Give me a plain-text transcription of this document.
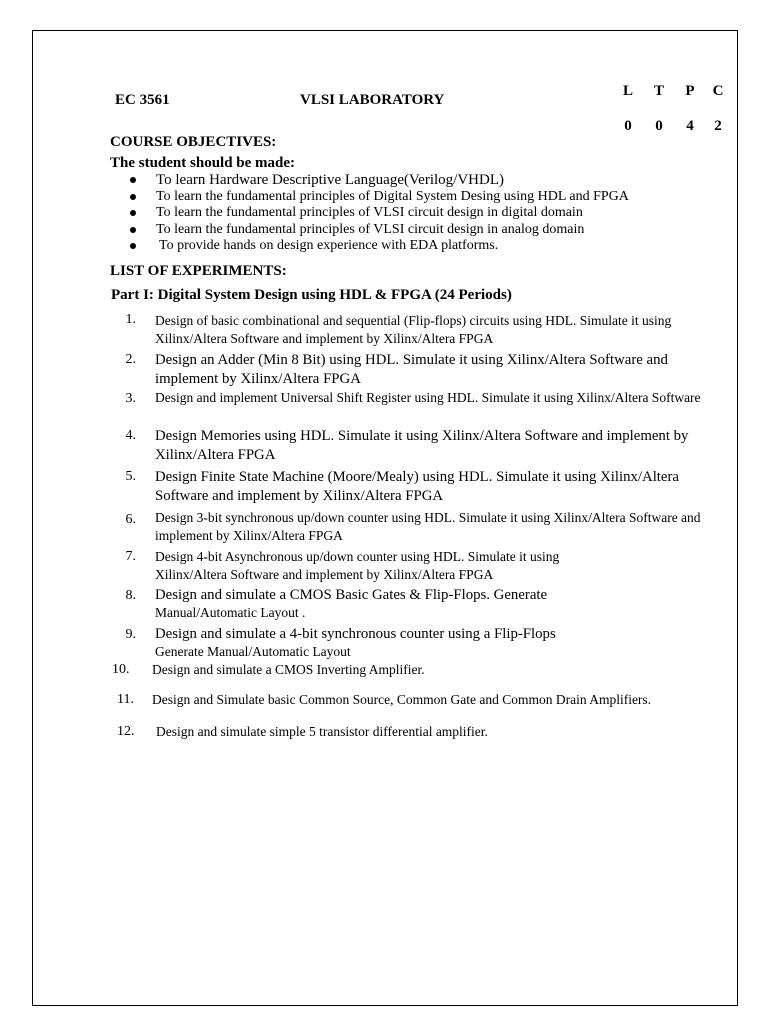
EC 3561	VLSI LABORATORY
L	T	P	C
0	0	4	2
COURSE OBJECTIVES:
The student should be made:
To learn Hardware Descriptive Language(Verilog/VHDL)
To learn the fundamental principles of Digital System Desing using HDL and FPGA
To learn the fundamental principles of VLSI circuit design in digital domain
To learn the fundamental principles of VLSI circuit design in analog domain
To provide hands on design experience with EDA platforms.
LIST OF EXPERIMENTS:
Part I: Digital System Design using HDL & FPGA (24 Periods)
1. Design of basic combinational and sequential (Flip-flops) circuits using HDL. Simulate it using
Xilinx/Altera Software and implement by Xilinx/Altera FPGA
2. Design an Adder (Min 8 Bit) using HDL. Simulate it using Xilinx/Altera Software and
implement by Xilinx/Altera FPGA
3. Design and implement Universal Shift Register using HDL. Simulate it using Xilinx/Altera Software
4. Design Memories using HDL. Simulate it using Xilinx/Altera Software and implement by
Xilinx/Altera FPGA
5. Design Finite State Machine (Moore/Mealy) using HDL. Simulate it using Xilinx/Altera
Software and implement by Xilinx/Altera FPGA
6. Design 3-bit synchronous up/down counter using HDL. Simulate it using Xilinx/Altera Software and
implement by Xilinx/Altera FPGA
7. Design 4-bit Asynchronous up/down counter using HDL. Simulate it using
Xilinx/Altera Software and implement by Xilinx/Altera FPGA
8. Design and simulate a CMOS Basic Gates & Flip-Flops. Generate
Manual/Automatic Layout .
9. Design and simulate a 4-bit synchronous counter using a Flip-Flops
Generate Manual/Automatic Layout
10.	Design and simulate a CMOS Inverting Amplifier.
11.	Design and Simulate basic Common Source, Common Gate and Common Drain Amplifiers.
12.	Design and simulate simple 5 transistor differential amplifier.
